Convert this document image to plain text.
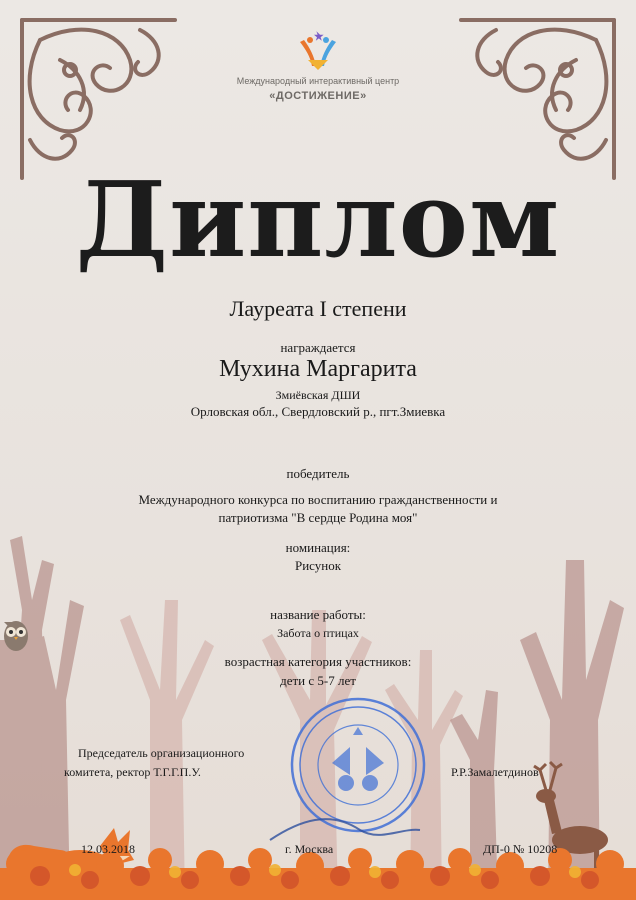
Международный интерактивный центр
«ДОСТИЖЕНИЕ»
Диплом
Лауреата I степени
награждается
Мухина Маргарита
Змиёвская ДШИ
Орловская обл., Свердловский р., пгт.Змиевка
победитель
Международного конкурса по воспитанию гражданственности и
патриотизма "В сердце Родина моя"
номинация:
Рисунок
название работы:
Забота о птицах
возрастная категория участников:
дети с 5-7 лет
Председатель организационного
комитета, ректор Т.Г.Г.П.У.	Р.Р.Замалетдинов
12.03.2018	г. Москва	ДП-0 № 10208
